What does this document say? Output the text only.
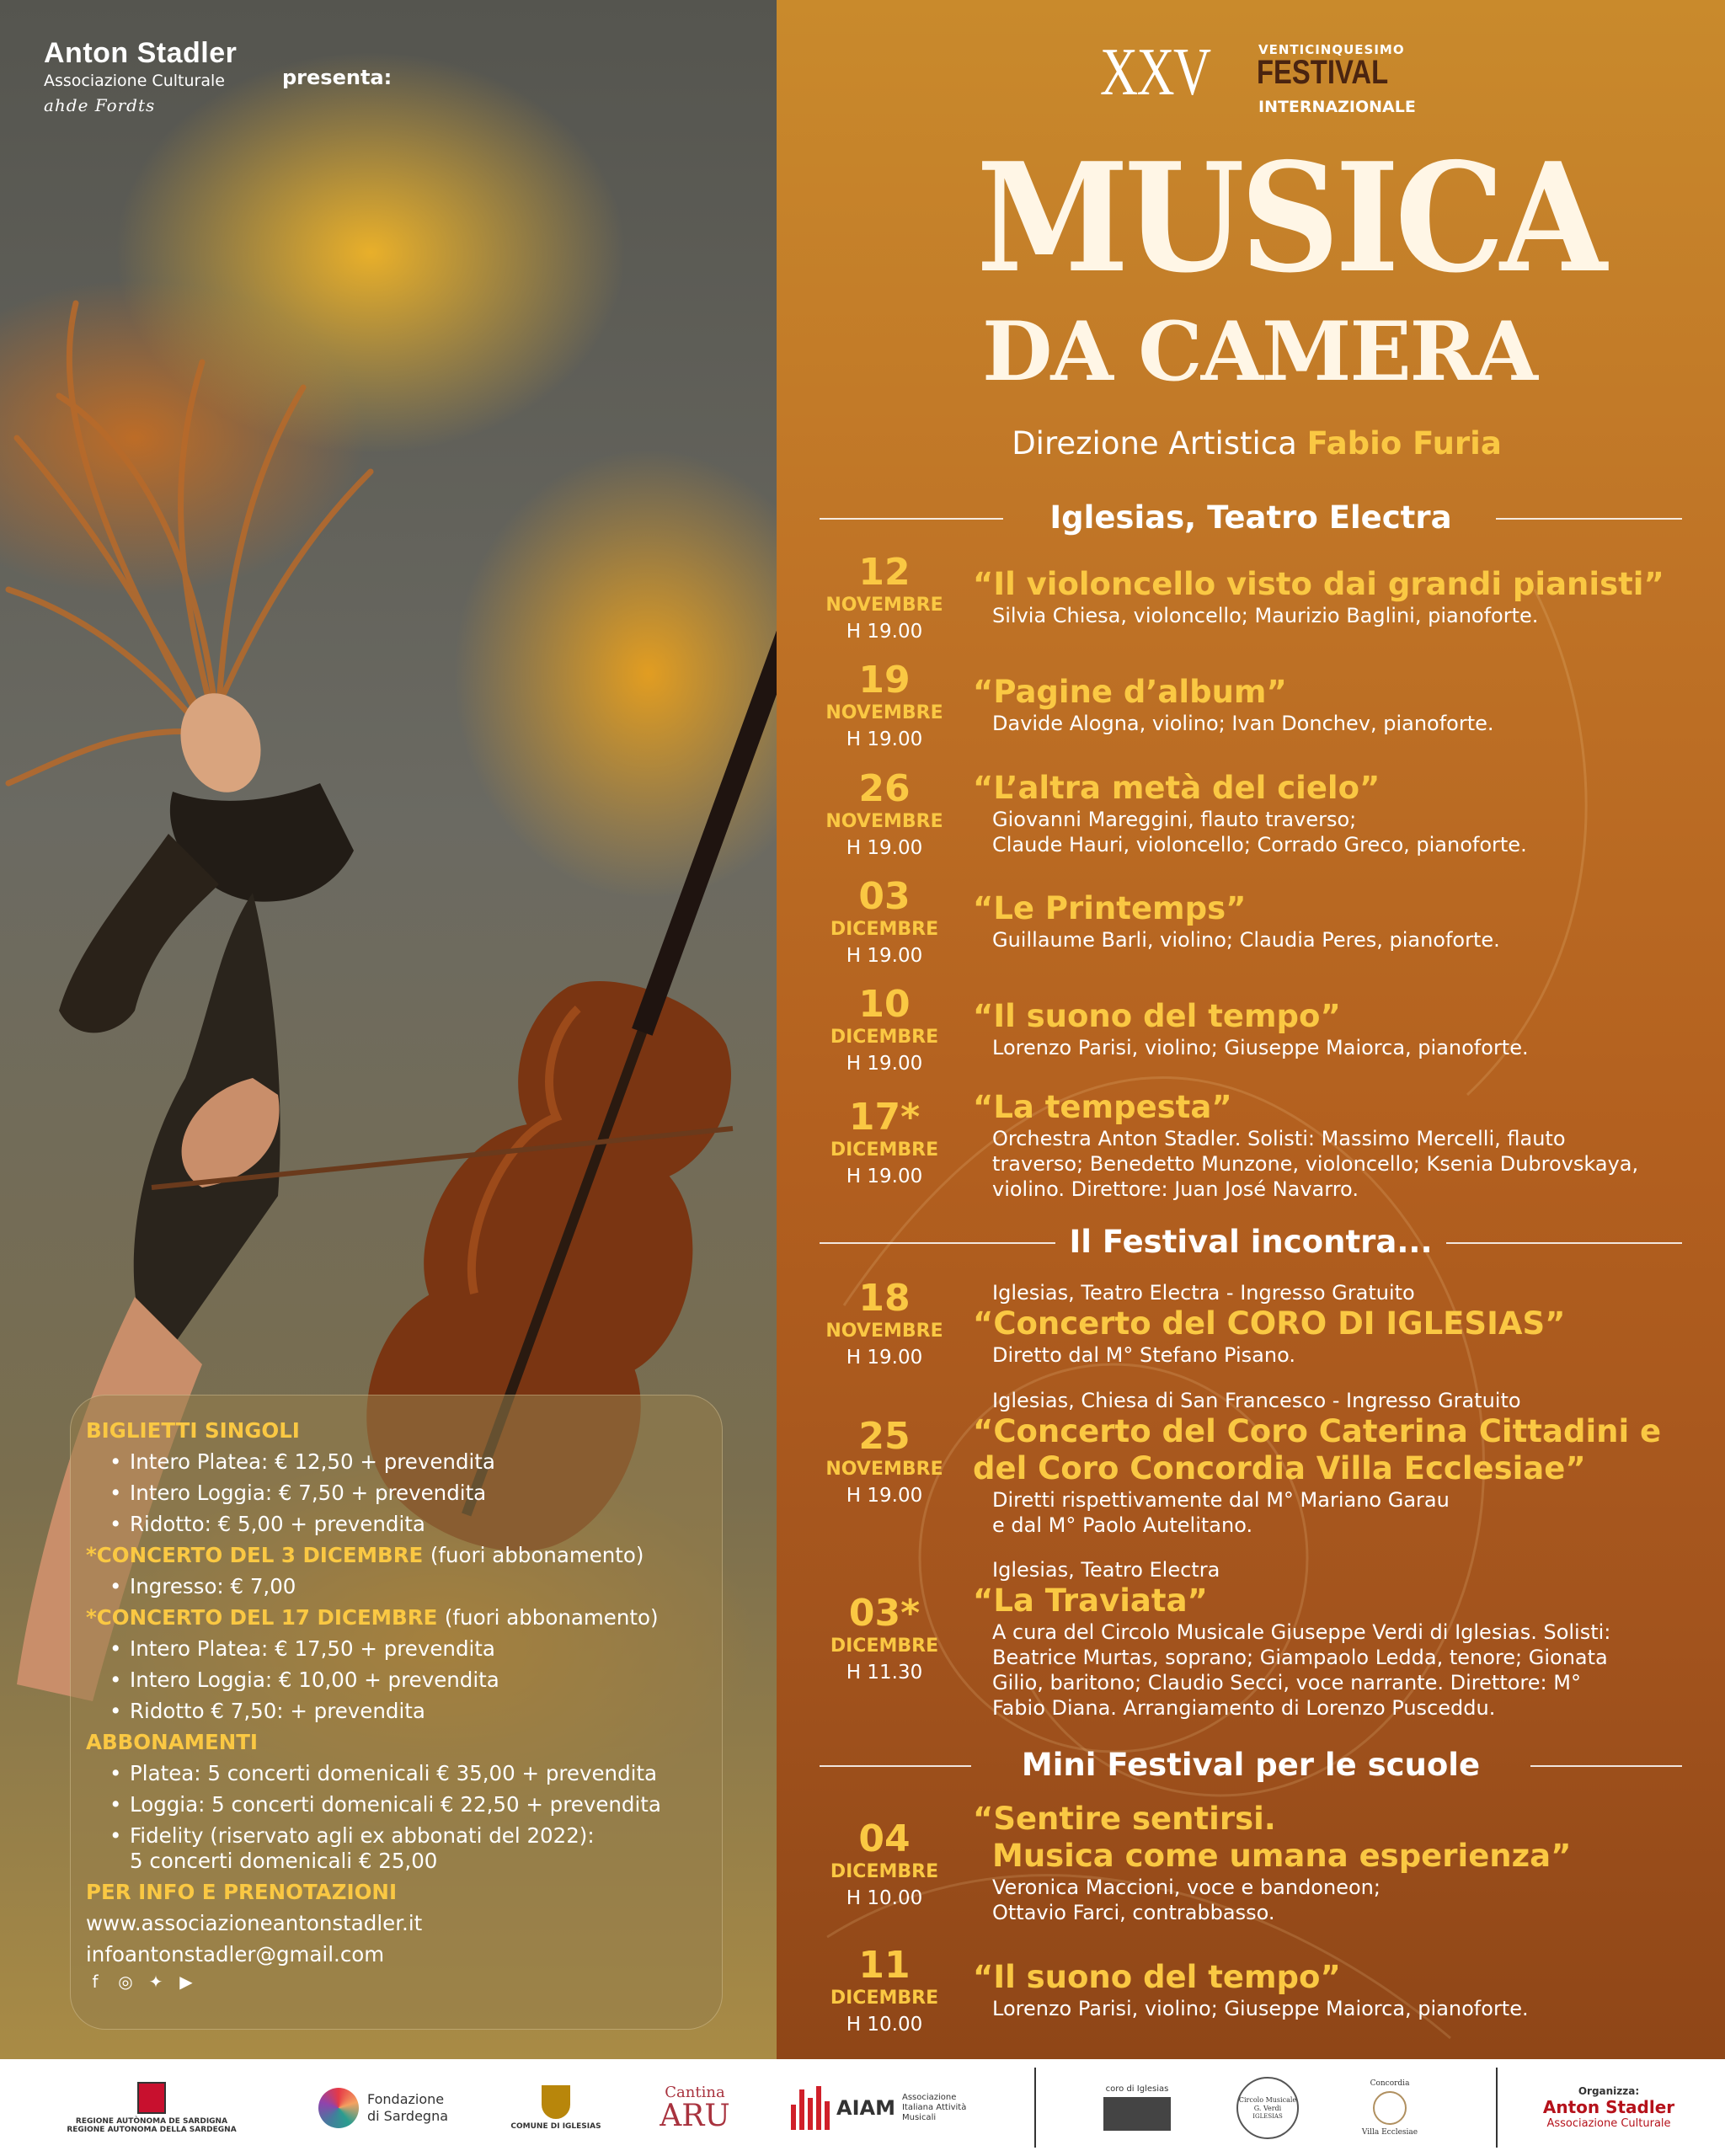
Anton Stadler
Associazione Culturale
ahde Fordts
presenta:
BIGLIETTI SINGOLI
• Intero Platea: € 12,50 + prevendita
• Intero Loggia: € 7,50 + prevendita
• Ridotto: € 5,00 + prevendita
*CONCERTO DEL 3 DICEMBRE (fuori abbonamento)
• Ingresso: € 7,00
*CONCERTO DEL 17 DICEMBRE (fuori abbonamento)
• Intero Platea: € 17,50 + prevendita
• Intero Loggia: € 10,00 + prevendita
• Ridotto € 7,50: + prevendita
ABBONAMENTI
• Platea: 5 concerti domenicali € 35,00 + prevendita
• Loggia: 5 concerti domenicali € 22,50 + prevendita
• Fidelity (riservato agli ex abbonati del 2022):
5 concerti domenicali € 25,00
PER INFO E PRENOTAZIONI
www.associazioneantonstadler.it
infoantonstadler@gmail.com
f	◎ ✦ ▶
XXV	VENTICINQUESIMO
FESTIVAL
INTERNAZIONALE
MUSICA
DA CAMERA
Direzione Artistica Fabio Furia
Iglesias, Teatro Electra
12
NOVEMBRE
H 19.00
“Il violoncello visto dai grandi pianisti”
Silvia Chiesa, violoncello; Maurizio Baglini, pianoforte.
19
NOVEMBRE
H 19.00
“Pagine d’album”
Davide Alogna, violino; Ivan Donchev, pianoforte.
26
NOVEMBRE
H 19.00
“L’altra metà del cielo”
Giovanni Mareggini, flauto traverso;
Claude Hauri, violoncello; Corrado Greco, pianoforte.
03
DICEMBRE
H 19.00
“Le Printemps”
Guillaume Barli, violino; Claudia Peres, pianoforte.
10
DICEMBRE
H 19.00
“Il suono del tempo”
Lorenzo Parisi, violino; Giuseppe Maiorca, pianoforte.
17*
DICEMBRE
H 19.00
“La tempesta”
Orchestra Anton Stadler. Solisti: Massimo Mercelli, flauto
traverso; Benedetto Munzone, violoncello; Ksenia Dubrovskaya,
violino. Direttore: Juan José Navarro.
Il Festival incontra...
18
NOVEMBRE
H 19.00
Iglesias, Teatro Electra - Ingresso Gratuito
“Concerto del CORO DI IGLESIAS”
Diretto dal M° Stefano Pisano.
25
NOVEMBRE
H 19.00
Iglesias, Chiesa di San Francesco - Ingresso Gratuito
“Concerto del Coro Caterina Cittadini e
del Coro Concordia Villa Ecclesiae”
Diretti rispettivamente dal M° Mariano Garau
e dal M° Paolo Autelitano.
03*
DICEMBRE
H 11.30
Iglesias, Teatro Electra
“La Traviata”
A cura del Circolo Musicale Giuseppe Verdi di Iglesias. Solisti:
Beatrice Murtas, soprano; Giampaolo Ledda, tenore; Gionata
Gilio, baritono; Claudio Secci, voce narrante. Direttore: M°
Fabio Diana. Arrangiamento di Lorenzo Pusceddu.
Mini Festival per le scuole
04
DICEMBRE
H 10.00
“Sentire sentirsi.
Musica come umana esperienza”
Veronica Maccioni, voce e bandoneon;
Ottavio Farci, contrabbasso.
11
DICEMBRE
H 10.00
“Il suono del tempo”
Lorenzo Parisi, violino; Giuseppe Maiorca, pianoforte.
REGIONE AUTÒNOMA DE SARDIGNA
REGIONE AUTONOMA DELLA SARDEGNA
Fondazione
di Sardegna
COMUNE DI IGLESIAS
Cantina
ARU	AIAM Associazione Italiana Attività Musicali
coro di Iglesias
Circolo Musicale G. Verdi
IGLESIAS
Concordia
Villa Ecclesiae
Organizza:
Anton Stadler
Associazione Culturale
